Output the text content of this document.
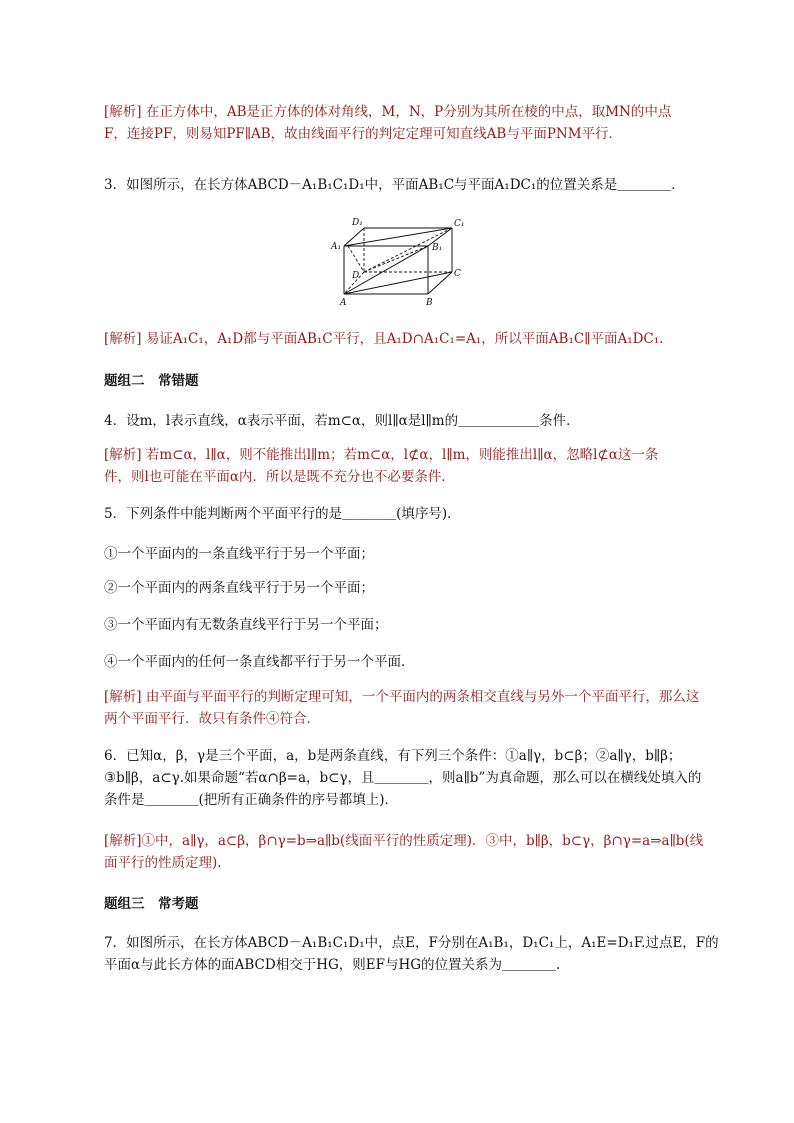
[解析] 在正方体中，AB是正方体的体对角线，M，N，P分别为其所在棱的中点，取MN的中点
F，连接PF，则易知PF∥AB，故由线面平行的判定定理可知直线AB与平面PNM平行．
3．如图所示，在长方体ABCD－A₁B₁C₁D₁中，平面AB₁C与平面A₁DC₁的位置关系是＿＿＿＿．
D₁	C₁
A₁	B₁
D	C
A	B
[解析] 易证A₁C₁，A₁D都与平面AB₁C平行，且A₁D∩A₁C₁=A₁，所以平面AB₁C∥平面A₁DC₁.
题组二　常错题
4．设m，l表示直线，α表示平面，若m⊂α，则l∥α是l∥m的＿＿＿＿＿＿条件．
[解析] 若m⊂α，l∥α，则不能推出l∥m；若m⊂α，l⊄α，l∥m，则能推出l∥α，忽略l⊄α这一条
件，则l也可能在平面α内．所以是既不充分也不必要条件．
5．下列条件中能判断两个平面平行的是＿＿＿＿(填序号)．
①一个平面内的一条直线平行于另一个平面；
②一个平面内的两条直线平行于另一个平面；
③一个平面内有无数条直线平行于另一个平面；
④一个平面内的任何一条直线都平行于另一个平面．
[解析] 由平面与平面平行的判断定理可知，一个平面内的两条相交直线与另外一个平面平行，那么这
两个平面平行．故只有条件④符合．
6．已知α，β，γ是三个平面，a，b是两条直线，有下列三个条件：①a∥γ，b⊂β；②a∥γ，b∥β；
③b∥β，a⊂γ.如果命题“若α∩β=a，b⊂γ，且＿＿＿＿，则a∥b”为真命题，那么可以在横线处填入的
条件是＿＿＿＿(把所有正确条件的序号都填上)．
[解析]①中，a∥γ，a⊂β，β∩γ=b⇒a∥b(线面平行的性质定理)．③中，b∥β，b⊂γ，β∩γ=a⇒a∥b(线
面平行的性质定理).
题组三　常考题
7．如图所示，在长方体ABCD－A₁B₁C₁D₁中，点E，F分别在A₁B₁，D₁C₁上，A₁E=D₁F.过点E，F的
平面α与此长方体的面ABCD相交于HG，则EF与HG的位置关系为＿＿＿＿.
